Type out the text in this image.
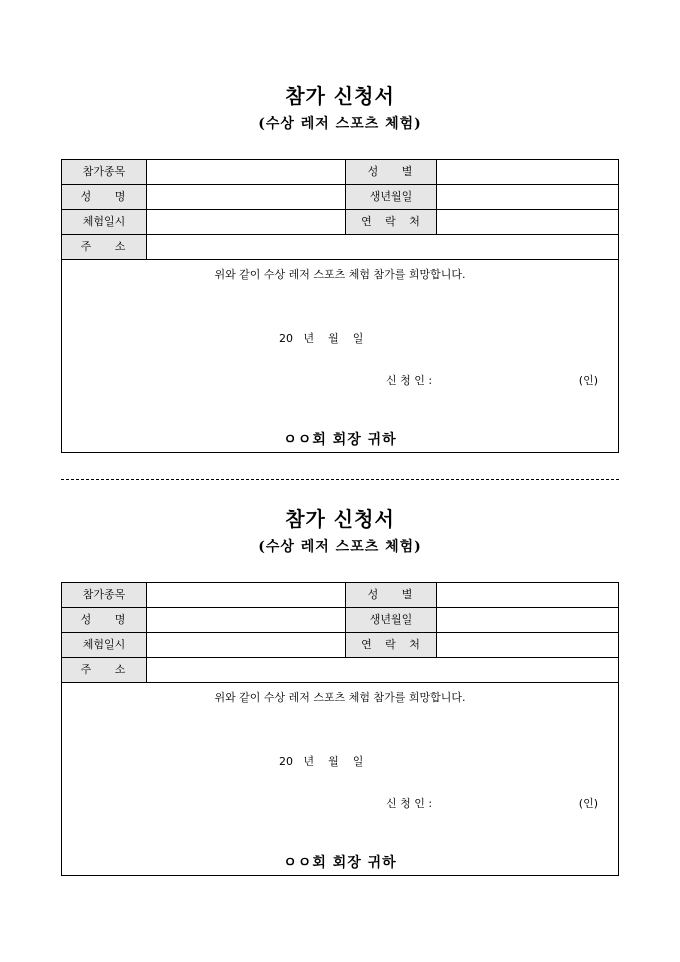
참가 신청서
(수상 레저 스포츠 체험)
참가종목	성 별
성 명	생년월일
체험일시	연 락 처
주 소
위와 같이 수상 레저 스포츠 체험 참가를 희망합니다.
20   년    월    일
신 청 인 :	(인)
ㅇㅇ회 회장 귀하
참가 신청서
(수상 레저 스포츠 체험)
참가종목	성 별
성 명	생년월일
체험일시	연 락 처
주 소
위와 같이 수상 레저 스포츠 체험 참가를 희망합니다.
20   년    월    일
신 청 인 :	(인)
ㅇㅇ회 회장 귀하
